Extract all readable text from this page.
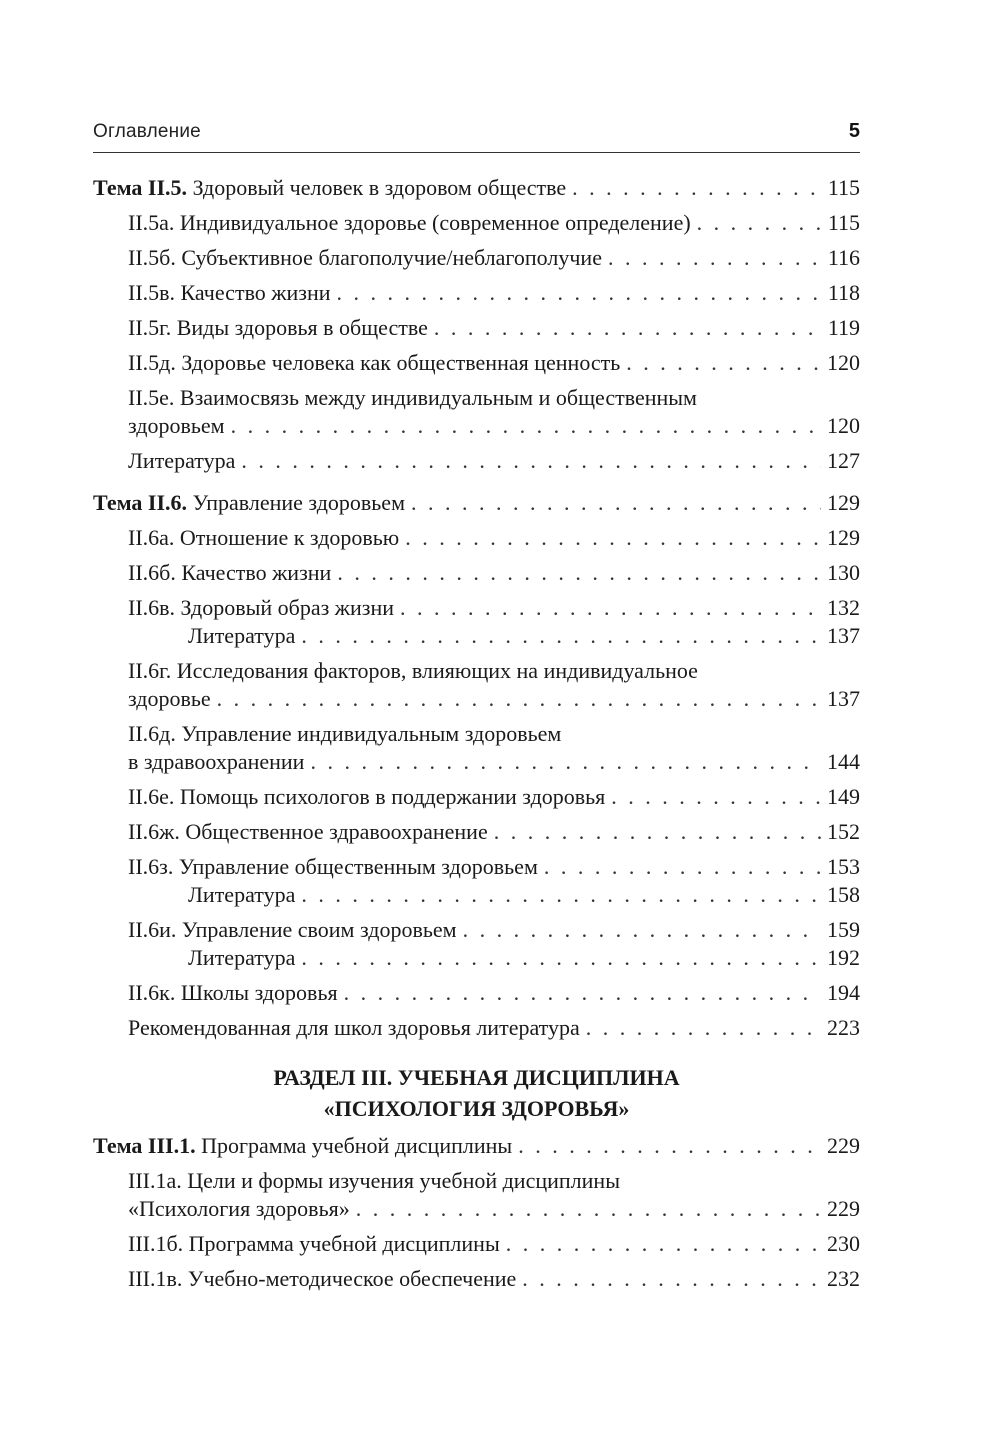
Оглавление	5
Тема II.5. Здоровый человек в здоровом обществе . . .	115
II.5а. Индивидуальное здоровье (современное определение) . . .	115
II.5б. Субъективное благополучие/неблагополучие . . .	116
II.5в. Качество жизни . . .	118
II.5г. Виды здоровья в обществе . . .	119
II.5д. Здоровье человека как общественная ценность . . .	120
II.5е. Взаимосвязь между индивидуальным и общественным
здоровьем . . .	120
Литература . . .	127
Тема II.6. Управление здоровьем . . .	129
II.6а. Отношение к здоровью . . .	129
II.6б. Качество жизни . . .	130
II.6в. Здоровый образ жизни . . .	132
Литература . . .	137
II.6г. Исследования факторов, влияющих на индивидуальное
здоровье . . .	137
II.6д. Управление индивидуальным здоровьем
в здравоохранении . . .	144
II.6е. Помощь психологов в поддержании здоровья . . .	149
II.6ж. Общественное здравоохранение . . .	152
II.6з. Управление общественным здоровьем . . .	153
Литература . . .	158
II.6и. Управление своим здоровьем . . .	159
Литература . . .	192
II.6к. Школы здоровья . . .	194
Рекомендованная для школ здоровья литература . . .	223
РАЗДЕЛ III. УЧЕБНАЯ ДИСЦИПЛИНА
«ПСИХОЛОГИЯ ЗДОРОВЬЯ»
Тема III.1. Программа учебной дисциплины . . .	229
III.1а. Цели и формы изучения учебной дисциплины
«Психология здоровья» . . .	229
III.1б. Программа учебной дисциплины . . .	230
III.1в. Учебно-методическое обеспечение . . .	232
